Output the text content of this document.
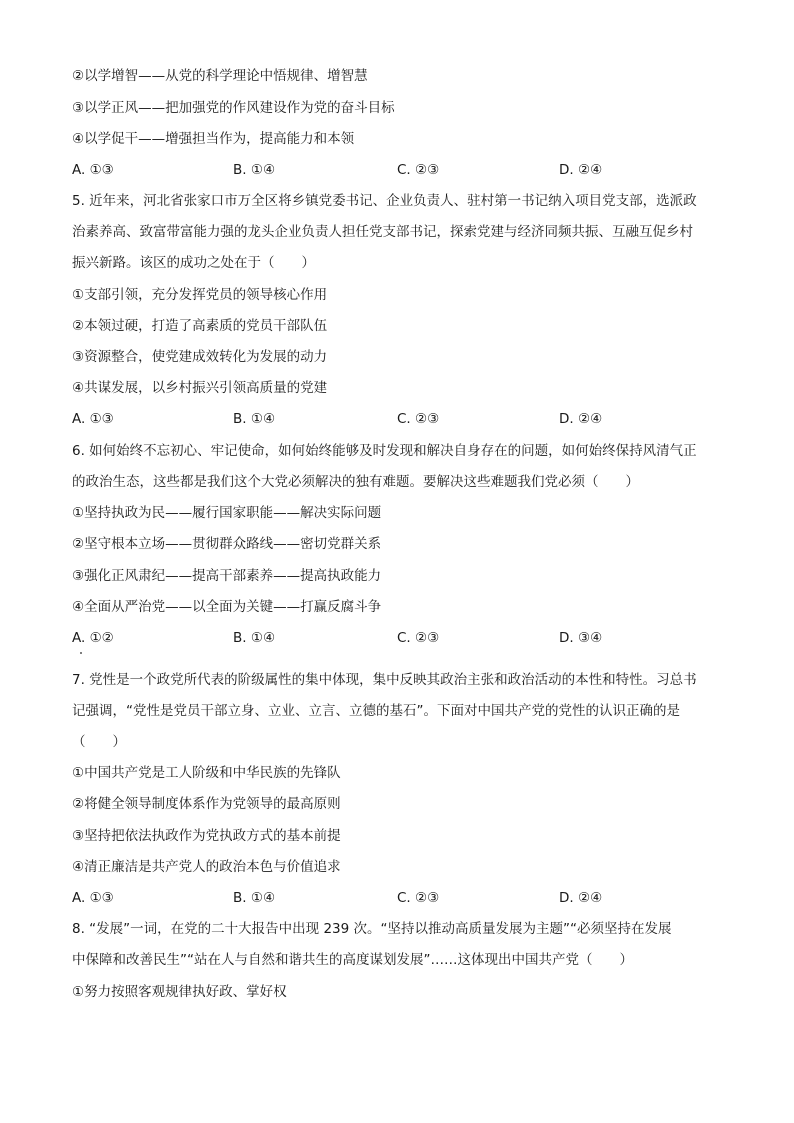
②以学增智——从党的科学理论中悟规律、增智慧
③以学正风——把加强党的作风建设作为党的奋斗目标
④以学促干——增强担当作为，提高能力和本领
A. ①③	B. ①④	C. ②③	D. ②④
5. 近年来，河北省张家口市万全区将乡镇党委书记、企业负责人、驻村第一书记纳入项目党支部，选派政
治素养高、致富带富能力强的龙头企业负责人担任党支部书记，探索党建与经济同频共振、互融互促乡村
振兴新路。该区的成功之处在于（　　）
①支部引领，充分发挥党员的领导核心作用
②本领过硬，打造了高素质的党员干部队伍
③资源整合，使党建成效转化为发展的动力
④共谋发展，以乡村振兴引领高质量的党建
A. ①③	B. ①④	C. ②③	D. ②④
6. 如何始终不忘初心、牢记使命，如何始终能够及时发现和解决自身存在的问题，如何始终保持风清气正
的政治生态，这些都是我们这个大党必须解决的独有难题。要解决这些难题我们党必须（　　）
①坚持执政为民——履行国家职能——解决实际问题
②坚守根本立场——贯彻群众路线——密切党群关系
③强化正风肃纪——提高干部素养——提高执政能力
④全面从严治党——以全面为关键——打赢反腐斗争
A. ①②	B. ①④	C. ②③	D. ③④
7. 党性是一个政党所代表的阶级属性的集中体现，集中反映其政治主张和政治活动的本性和特性。习总书
记强调，“党性是党员干部立身、立业、立言、立德的基石”。下面对中国共产党的党性的认识正确的是
（　　）
①中国共产党是工人阶级和中华民族的先锋队
②将健全领导制度体系作为党领导的最高原则
③坚持把依法执政作为党执政方式的基本前提
④清正廉洁是共产党人的政治本色与价值追求
A. ①③	B. ①④	C. ②③	D. ②④
8. “发展”一词，在党的二十大报告中出现 239 次。“坚持以推动高质量发展为主题”“必须坚持在发展
中保障和改善民生”“站在人与自然和谐共生的高度谋划发展”……这体现出中国共产党（　　）
①努力按照客观规律执好政、掌好权
